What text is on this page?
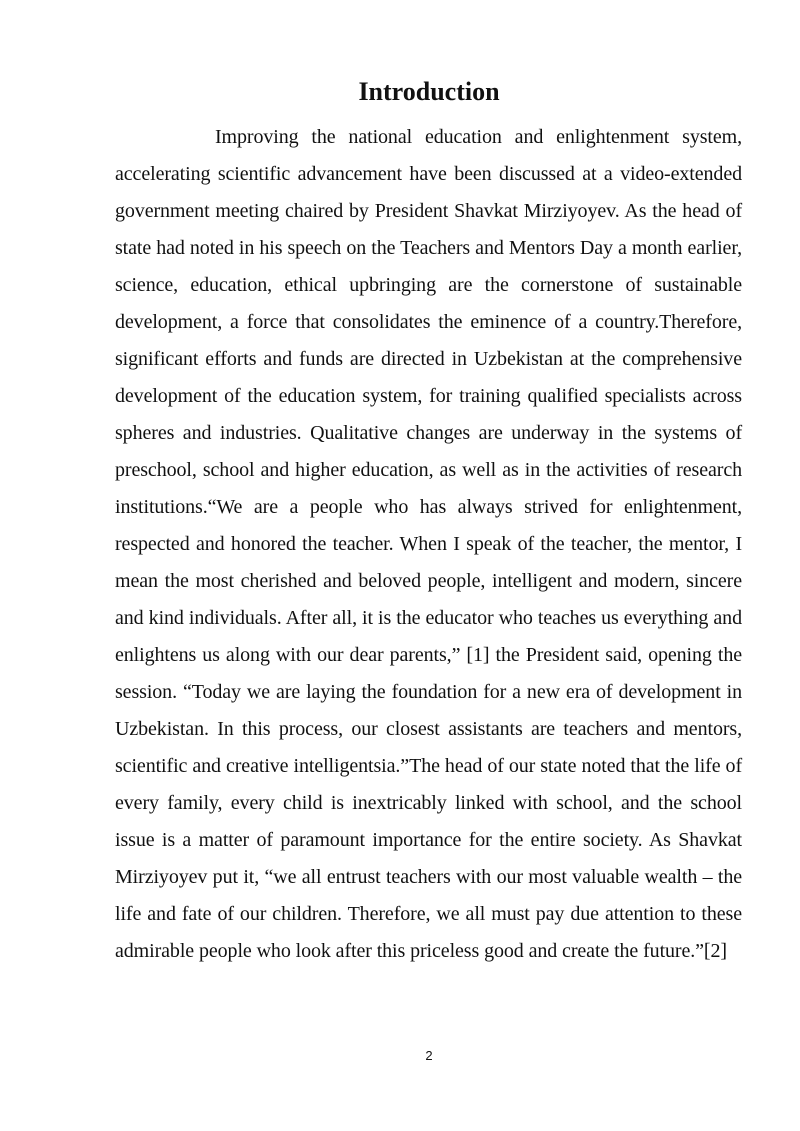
Introduction

Improving the national education and enlightenment system, accelerating scientific advancement have been discussed at a video-extended government meeting chaired by President Shavkat Mirziyoyev. As the head of state had noted in his speech on the Teachers and Mentors Day a month earlier, science, education, ethical upbringing are the cornerstone of sustainable development, a force that consolidates the eminence of a country.Therefore, significant efforts and funds are directed in Uzbekistan at the comprehensive development of the education system, for training qualified specialists across spheres and industries. Qualitative changes are underway in the systems of preschool, school and higher education, as well as in the activities of research institutions.“We are a people who has always strived for enlightenment, respected and honored the teacher. When I speak of the teacher, the mentor, I mean the most cherished and beloved people, intelligent and modern, sincere and kind individuals. After all, it is the educator who teaches us everything and enlightens us along with our dear parents,” [1] the President said, opening the session. “Today we are laying the foundation for a new era of development in Uzbekistan. In this process, our closest assistants are teachers and mentors, scientific and creative intelligentsia.”The head of our state noted that the life of every family, every child is inextricably linked with school, and the school issue is a matter of paramount importance for the entire society. As Shavkat Mirziyoyev put it, “we all entrust teachers with our most valuable wealth – the life and fate of our children. Therefore, we all must pay due attention to these admirable people who look after this priceless good and create the future.”[2]

2
